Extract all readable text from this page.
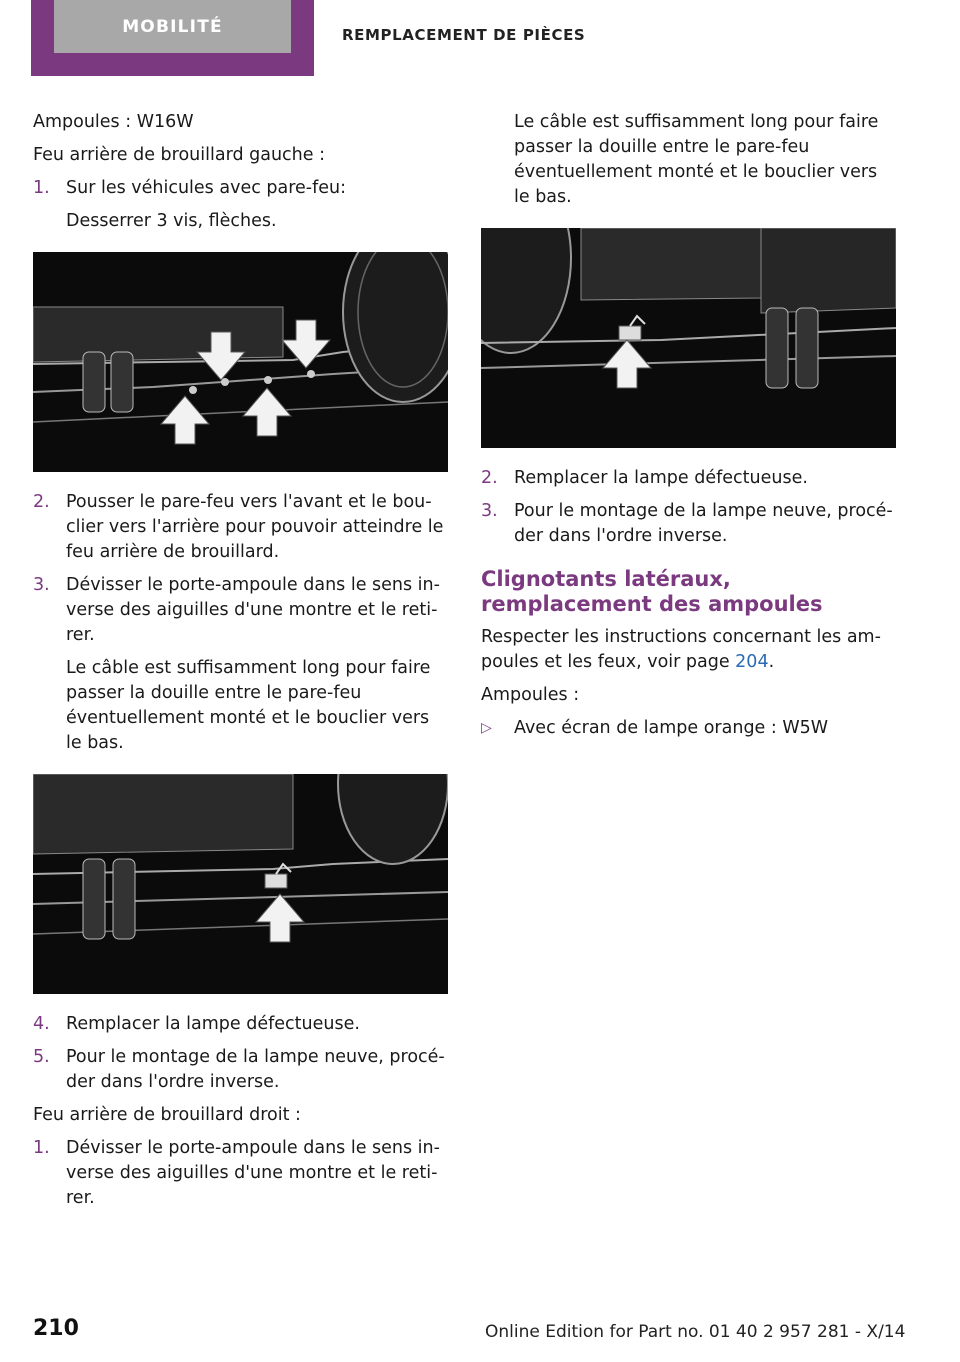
MOBILITÉ	REMPLACEMENT DE PIÈCES

Ampoules : W16W

Feu arrière de brouillard gauche :

1. Sur les véhicules avec pare-feu:
Desserrer 3 vis, flèches.
2. Pousser le pare-feu vers l'avant et le bouclier vers l'arrière pour pouvoir atteindre le feu arrière de brouillard.
3. Dévisser le porte-ampoule dans le sens inverse des aiguilles d'une montre et le retirer.
Le câble est suffisamment long pour faire passer la douille entre le pare-feu éventuellement monté et le bouclier vers le bas.
4. Remplacer la lampe défectueuse.
5. Pour le montage de la lampe neuve, procéder dans l'ordre inverse.

Feu arrière de brouillard droit :

1. Dévisser le porte-ampoule dans le sens inverse des aiguilles d'une montre et le retirer.
Le câble est suffisamment long pour faire passer la douille entre le pare-feu éventuellement monté et le bouclier vers le bas.
2. Remplacer la lampe défectueuse.
3. Pour le montage de la lampe neuve, procéder dans l'ordre inverse.
Clignotants latéraux, remplacement des ampoules

Respecter les instructions concernant les ampoules et les feux, voir page 204.

Ampoules :

▷	Avec écran de lampe orange : W5W
210	Online Edition for Part no. 01 40 2 957 281 - X/14
